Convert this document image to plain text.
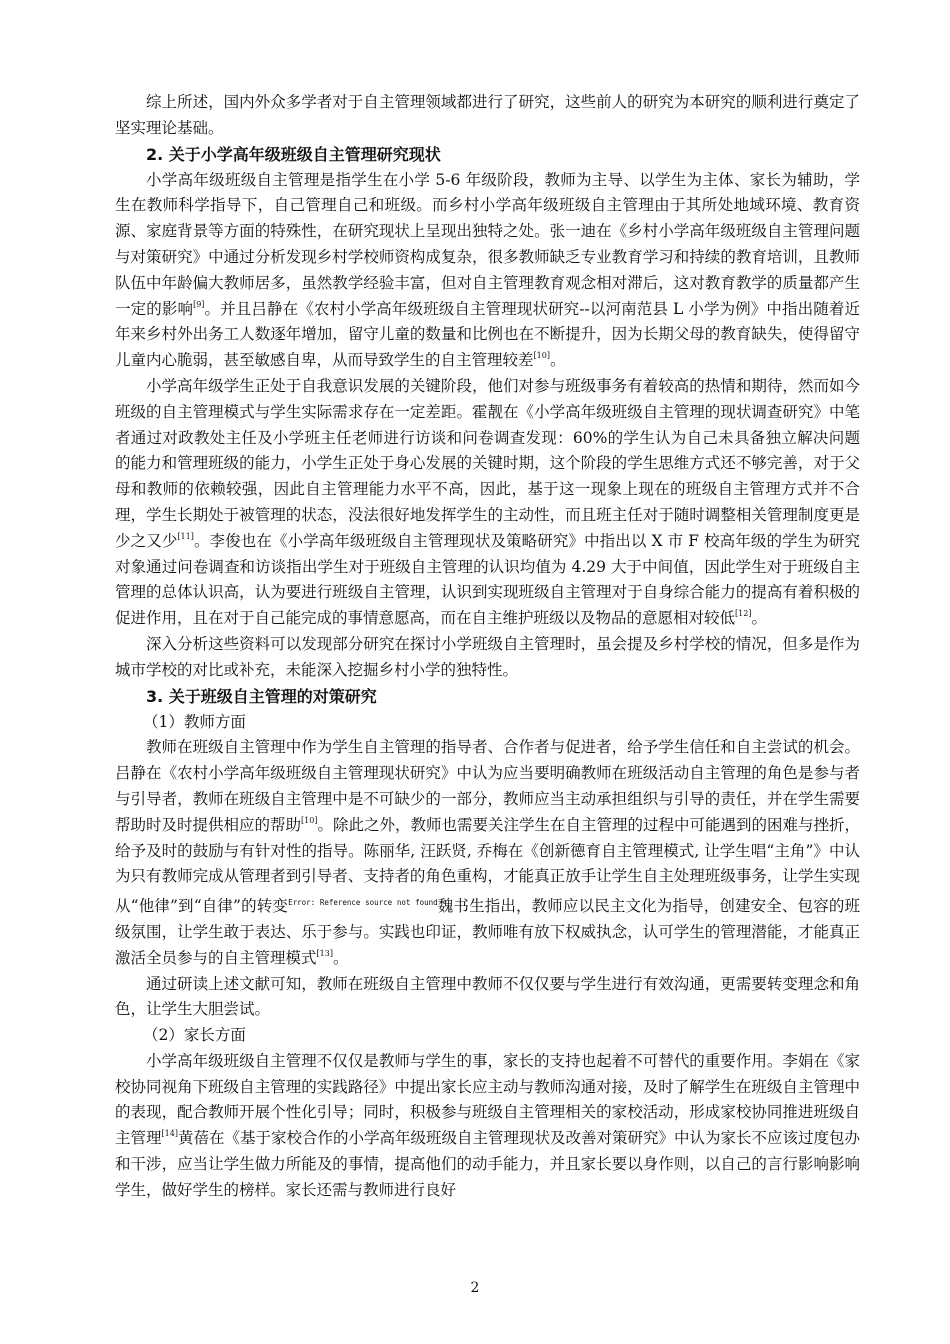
综上所述，国内外众多学者对于自主管理领域都进行了研究，这些前人的研究为本研究的顺利进行奠定了坚实理论基础。

2. 关于小学高年级班级自主管理研究现状

小学高年级班级自主管理是指学生在小学 5-6 年级阶段，教师为主导、以学生为主体、家长为辅助，学生在教师科学指导下，自己管理自己和班级。而乡村小学高年级班级自主管理由于其所处地域环境、教育资源、家庭背景等方面的特殊性，在研究现状上呈现出独特之处。张一迪在《乡村小学高年级班级自主管理问题与对策研究》中通过分析发现乡村学校师资构成复杂，很多教师缺乏专业教育学习和持续的教育培训，且教师队伍中年龄偏大教师居多，虽然教学经验丰富，但对自主管理教育观念相对滞后，这对教育教学的质量都产生一定的影响[9]。并且吕静在《农村小学高年级班级自主管理现状研究--以河南范县 L 小学为例》中指出随着近年来乡村外出务工人数逐年增加，留守儿童的数量和比例也在不断提升，因为长期父母的教育缺失，使得留守儿童内心脆弱，甚至敏感自卑，从而导致学生的自主管理较差[10]。

小学高年级学生正处于自我意识发展的关键阶段，他们对参与班级事务有着较高的热情和期待，然而如今班级的自主管理模式与学生实际需求存在一定差距。霍靓在《小学高年级班级自主管理的现状调查研究》中笔者通过对政教处主任及小学班主任老师进行访谈和问卷调查发现：60%的学生认为自己未具备独立解决问题的能力和管理班级的能力，小学生正处于身心发展的关键时期，这个阶段的学生思维方式还不够完善，对于父母和教师的依赖较强，因此自主管理能力水平不高，因此，基于这一现象上现在的班级自主管理方式并不合理，学生长期处于被管理的状态，没法很好地发挥学生的主动性，而且班主任对于随时调整相关管理制度更是少之又少[11]。李俊也在《小学高年级班级自主管理现状及策略研究》中指出以 X 市 F 校高年级的学生为研究对象通过问卷调查和访谈指出学生对于班级自主管理的认识均值为 4.29 大于中间值，因此学生对于班级自主管理的总体认识高，认为要进行班级自主管理，认识到实现班级自主管理对于自身综合能力的提高有着积极的促进作用，且在对于自己能完成的事情意愿高，而在自主维护班级以及物品的意愿相对较低[12]。

深入分析这些资料可以发现部分研究在探讨小学班级自主管理时，虽会提及乡村学校的情况，但多是作为城市学校的对比或补充，未能深入挖掘乡村小学的独特性。

3. 关于班级自主管理的对策研究
（1）教师方面

教师在班级自主管理中作为学生自主管理的指导者、合作者与促进者，给予学生信任和自主尝试的机会。吕静在《农村小学高年级班级自主管理现状研究》中认为应当要明确教师在班级活动自主管理的角色是参与者与引导者，教师在班级自主管理中是不可缺少的一部分，教师应当主动承担组织与引导的责任，并在学生需要帮助时及时提供相应的帮助[10]。除此之外，教师也需要关注学生在自主管理的过程中可能遇到的困难与挫折，给予及时的鼓励与有针对性的指导。陈丽华, 汪跃贤, 乔梅在《创新德育自主管理模式, 让学生唱“主角”》中认为只有教师完成从管理者到引导者、支持者的角色重构，才能真正放手让学生自主处理班级事务，让学生实现从“他律”到“自律”的转变$^{Error: Reference source not found}$魏书生指出，教师应以民主文化为指导，创建安全、包容的班级氛围，让学生敢于表达、乐于参与。实践也印证，教师唯有放下权威执念，认可学生的管理潜能，才能真正激活全员参与的自主管理模式[13]。

通过研读上述文献可知，教师在班级自主管理中教师不仅仅要与学生进行有效沟通，更需要转变理念和角色，让学生大胆尝试。

（2）家长方面

小学高年级班级自主管理不仅仅是教师与学生的事，家长的支持也起着不可替代的重要作用。李娟在《家校协同视角下班级自主管理的实践路径》中提出家长应主动与教师沟通对接，及时了解学生在班级自主管理中的表现，配合教师开展个性化引导；同时，积极参与班级自主管理相关的家校活动，形成家校协同推进班级自主管理[14]黄蓓在《基于家校合作的小学高年级班级自主管理现状及改善对策研究》中认为家长不应该过度包办和干涉，应当让学生做力所能及的事情，提高他们的动手能力，并且家长要以身作则，以自己的言行影响影响学生，做好学生的榜样。家长还需与教师进行良好

2
